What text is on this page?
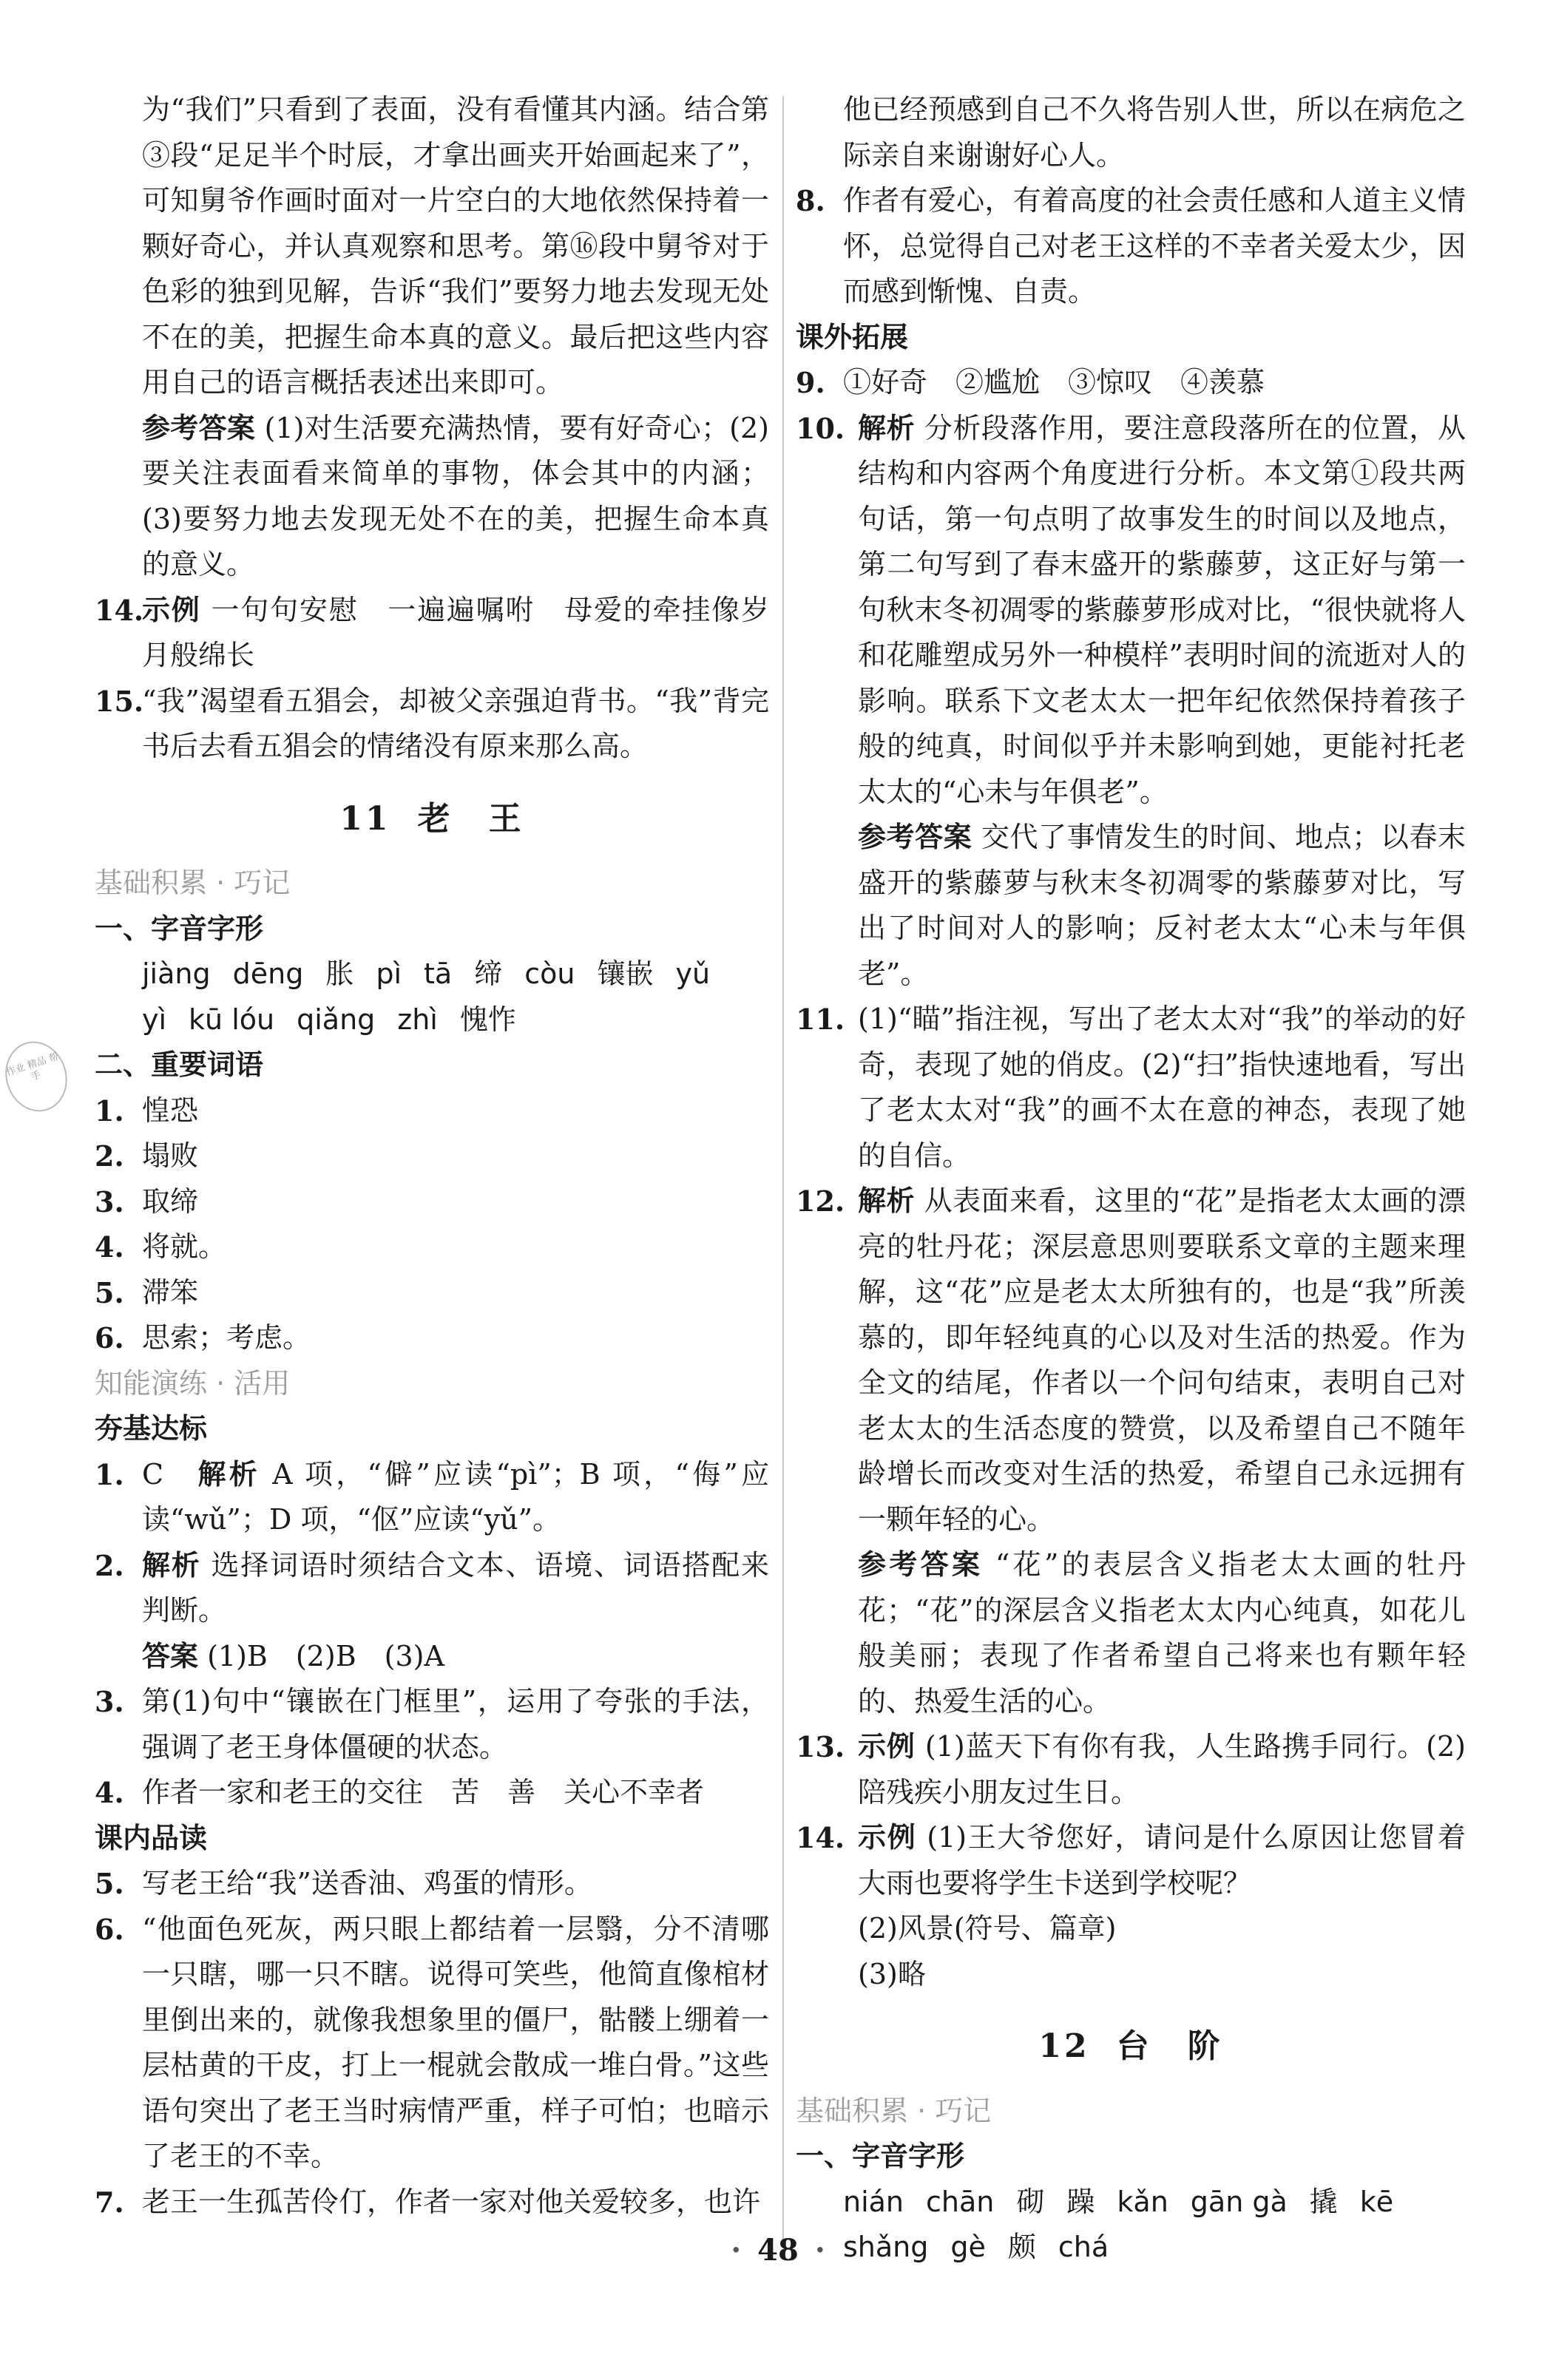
作业 精品 帮手

为“我们”只看到了表面，没有看懂其内涵。结合第③段“足足半个时辰，才拿出画夹开始画起来了”，可知舅爷作画时面对一片空白的大地依然保持着一颗好奇心，并认真观察和思考。第⑯段中舅爷对于色彩的独到见解，告诉“我们”要努力地去发现无处不在的美，把握生命本真的意义。最后把这些内容用自己的语言概括表述出来即可。

参考答案 (1)对生活要充满热情，要有好奇心；(2)要关注表面看来简单的事物，体会其中的内涵；(3)要努力地去发现无处不在的美，把握生命本真的意义。

14.
示例 一句句安慰　一遍遍嘱咐　母爱的牵挂像岁月般绵长
15.
“我”渴望看五猖会，却被父亲强迫背书。“我”背完书后去看五猖会的情绪没有原来那么高。
11 老　王

基础积累 · 巧记

一、字音字形

jiàng dēng 胀 pì tā 缔 còu 镶嵌 yǔ
yì kū lóu qiǎng zhì 愧怍

二、重要词语

1. 惶恐
2. 塌败
3. 取缔
4. 将就。
5. 滞笨
6. 思索；考虑。

知能演练 · 活用

夯基达标

1. C　 解析 A 项，“僻”应读“pì”；B 项，“侮”应读“wǔ”；D 项，“伛”应读“yǔ”。
2. 解析 选择词语时须结合文本、语境、词语搭配来判断。

答案 (1)B　(2)B　(3)A

3. 第(1)句中“镶嵌在门框里”，运用了夸张的手法，强调了老王身体僵硬的状态。
4. 作者一家和老王的交往　苦　善　关心不幸者

课内品读

5. 写老王给“我”送香油、鸡蛋的情形。
6. “他面色死灰，两只眼上都结着一层翳，分不清哪一只瞎，哪一只不瞎。说得可笑些，他简直像棺材里倒出来的，就像我想象里的僵尸，骷髅上绷着一层枯黄的干皮，打上一棍就会散成一堆白骨。”这些语句突出了老王当时病情严重，样子可怕；也暗示了老王的不幸。
7. 老王一生孤苦伶仃，作者一家对他关爱较多，也许

他已经预感到自己不久将告别人世，所以在病危之际亲自来谢谢好心人。

8. 作者有爱心，有着高度的社会责任感和人道主义情怀，总觉得自己对老王这样的不幸者关爱太少，因而感到惭愧、自责。

课外拓展

9. ①好奇　②尴尬　③惊叹　④羡慕
10. 解析 分析段落作用，要注意段落所在的位置，从结构和内容两个角度进行分析。本文第①段共两句话，第一句点明了故事发生的时间以及地点，第二句写到了春末盛开的紫藤萝，这正好与第一句秋末冬初凋零的紫藤萝形成对比，“很快就将人和花雕塑成另外一种模样”表明时间的流逝对人的影响。联系下文老太太一把年纪依然保持着孩子般的纯真，时间似乎并未影响到她，更能衬托老太太的“心未与年俱老”。

参考答案 交代了事情发生的时间、地点；以春末盛开的紫藤萝与秋末冬初凋零的紫藤萝对比，写出了时间对人的影响；反衬老太太“心未与年俱老”。

11. (1)“瞄”指注视，写出了老太太对“我”的举动的好奇，表现了她的俏皮。(2)“扫”指快速地看，写出了老太太对“我”的画不太在意的神态，表现了她的自信。
12. 解析 从表面来看，这里的“花”是指老太太画的漂亮的牡丹花；深层意思则要联系文章的主题来理解，这“花”应是老太太所独有的，也是“我”所羡慕的，即年轻纯真的心以及对生活的热爱。作为全文的结尾，作者以一个问句结束，表明自己对老太太的生活态度的赞赏，以及希望自己不随年龄增长而改变对生活的热爱，希望自己永远拥有一颗年轻的心。

参考答案 “花”的表层含义指老太太画的牡丹花；“花”的深层含义指老太太内心纯真，如花儿般美丽；表现了作者希望自己将来也有颗年轻的、热爱生活的心。

13. 示例 (1)蓝天下有你有我，人生路携手同行。(2)陪残疾小朋友过生日。
14. 示例 (1)王大爷您好，请问是什么原因让您冒着大雨也要将学生卡送到学校呢？

(2)风景(符号、篇章)

(3)略

12 台　阶

基础积累 · 巧记

一、字音字形

nián chān 砌 躁 kǎn gān gà 撬 kē
shǎng gè 颇 chá
· 48 ·
